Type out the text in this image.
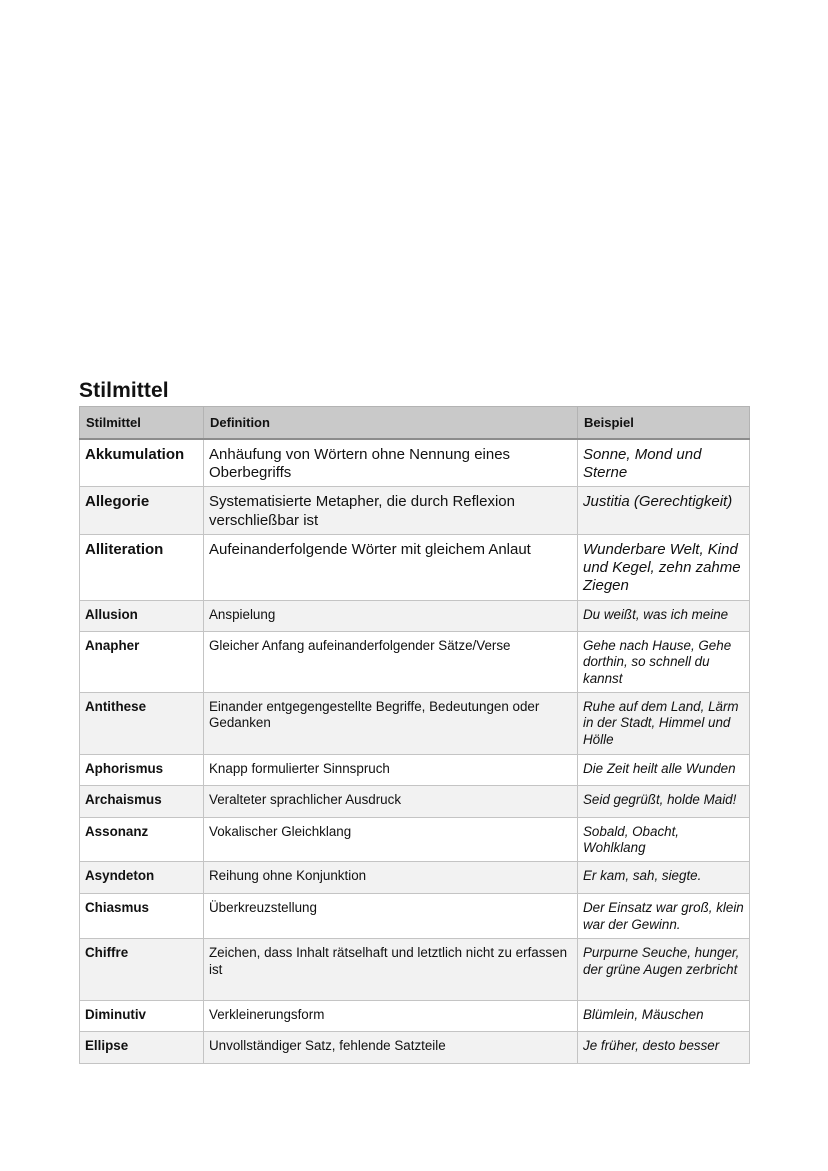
Stilmittel
Stilmittel	Definition	Beispiel
Akkumulation	Anhäufung von Wörtern ohne Nennung eines Oberbegriffs	Sonne, Mond und Sterne
Allegorie	Systematisierte Metapher, die durch Reflexion verschließbar ist	Justitia (Gerechtigkeit)
Alliteration	Aufeinanderfolgende Wörter mit gleichem Anlaut	Wunderbare Welt, Kind und Kegel, zehn zahme Ziegen
Allusion	Anspielung	Du weißt, was ich meine
Anapher	Gleicher Anfang aufeinanderfolgender Sätze/Verse	Gehe nach Hause, Gehe dorthin, so schnell du kannst
Antithese	Einander entgegengestellte Begriffe, Bedeutungen oder Gedanken	Ruhe auf dem Land, Lärm in der Stadt, Himmel und Hölle
Aphorismus	Knapp formulierter Sinnspruch	Die Zeit heilt alle Wunden
Archaismus	Veralteter sprachlicher Ausdruck	Seid gegrüßt, holde Maid!
Assonanz	Vokalischer Gleichklang	Sobald, Obacht, Wohlklang
Asyndeton	Reihung ohne Konjunktion	Er kam, sah, siegte.
Chiasmus	Überkreuzstellung	Der Einsatz war groß, klein war der Gewinn.
Chiffre	Zeichen, dass Inhalt rätselhaft und letztlich nicht zu erfassen ist	Purpurne Seuche, hunger, der grüne Augen zerbricht
Diminutiv	Verkleinerungsform	Blümlein, Mäuschen
Ellipse	Unvollständiger Satz, fehlende Satzteile	Je früher, desto besser
